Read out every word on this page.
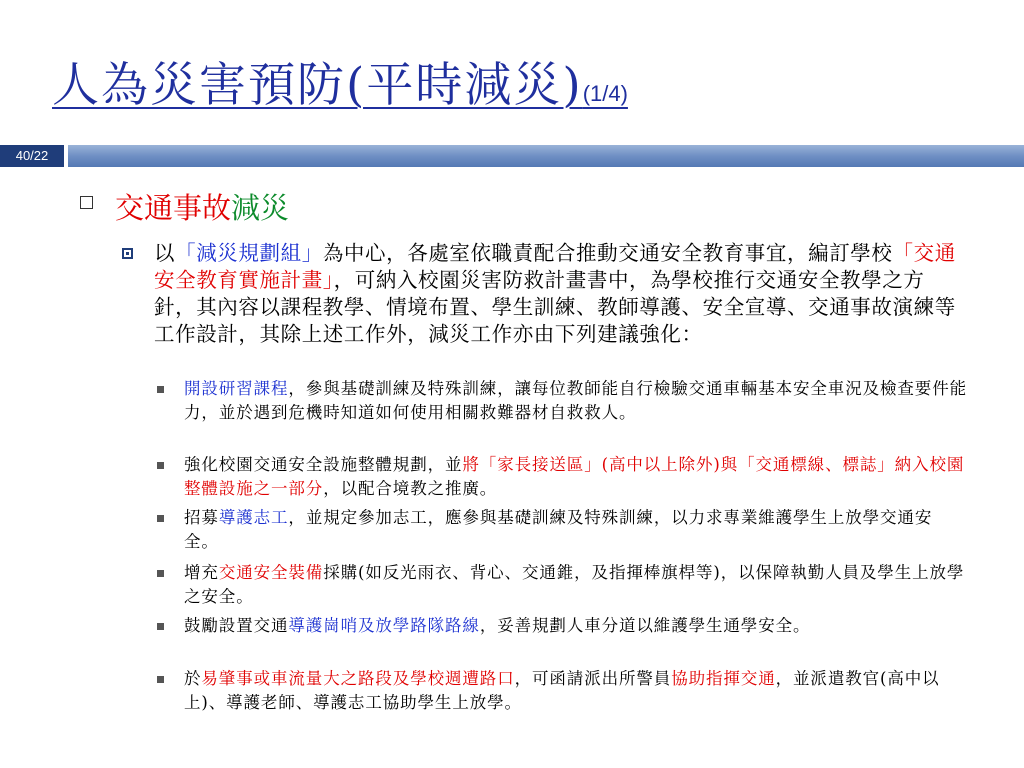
人為災害預防(平時減災)(1/4)
40/22
交通事故減災
以「減災規劃組」為中心，各處室依職責配合推動交通安全教育事宜，編訂學校「交通安全教育實施計畫」，可納入校園災害防救計畫書中，為學校推行交通安全教學之方針，其內容以課程教學、情境布置、學生訓練、教師導護、安全宣導、交通事故演練等工作設計，其除上述工作外，減災工作亦由下列建議強化：
開設研習課程，參與基礎訓練及特殊訓練，讓每位教師能自行檢驗交通車輛基本安全車況及檢查要件能力，並於遇到危機時知道如何使用相關救難器材自救救人。
強化校園交通安全設施整體規劃，並將「家長接送區」(高中以上除外)與「交通標線、標誌」納入校園整體設施之一部分，以配合境教之推廣。
招募導護志工，並規定參加志工，應參與基礎訓練及特殊訓練，以力求專業維護學生上放學交通安全。
增充交通安全裝備採購(如反光雨衣、背心、交通錐，及指揮棒旗桿等)，以保障執勤人員及學生上放學之安全。
鼓勵設置交通導護崗哨及放學路隊路線，妥善規劃人車分道以維護學生通學安全。
於易肇事或車流量大之路段及學校週遭路口，可函請派出所警員協助指揮交通，並派遣教官(高中以上)、導護老師、導護志工協助學生上放學。
